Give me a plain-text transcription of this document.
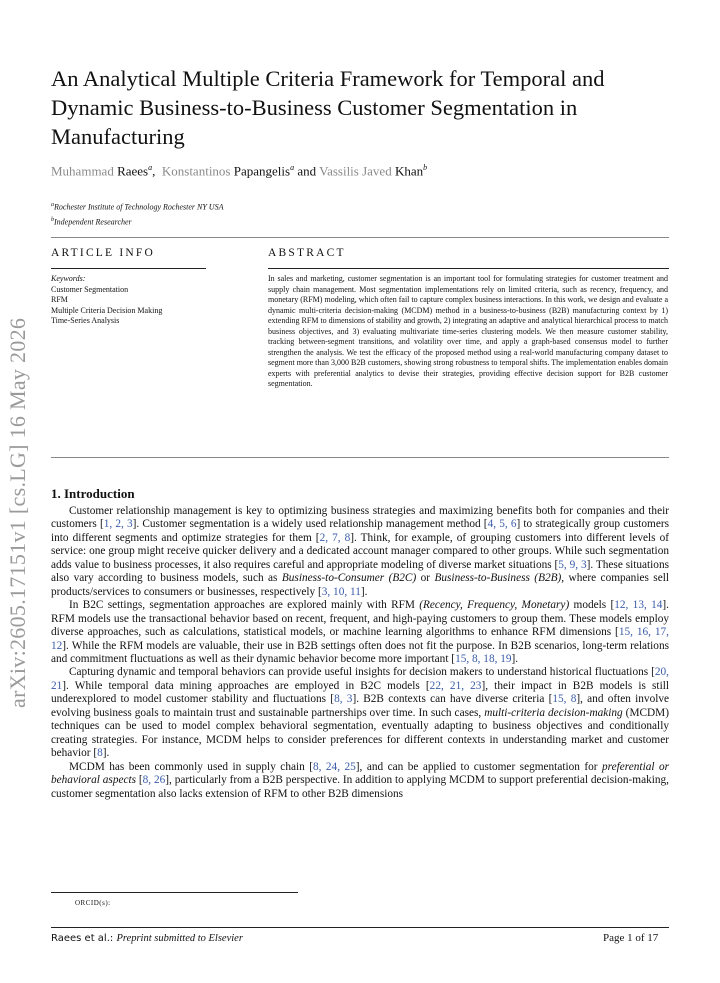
An Analytical Multiple Criteria Framework for Temporal and Dynamic Business-to-Business Customer Segmentation in Manufacturing
Muhammad Raees$^a$, Konstantinos Papangelis$^a$ and Vassilis Javed Khan$^b$
$^a$Rochester Institute of Technology Rochester NY USA
$^b$Independent Researcher
ARTICLE INFO	ABSTRACT
Keywords:
Customer Segmentation
RFM
Multiple Criteria Decision Making
Time-Series Analysis
In sales and marketing, customer segmentation is an important tool for formulating strategies for customer treatment and supply chain management. Most segmentation implementations rely on limited criteria, such as recency, frequency, and monetary (RFM) modeling, which often fail to capture complex business interactions. In this work, we design and evaluate a dynamic multi-criteria decision-making (MCDM) method in a business-to-business (B2B) manufacturing context by 1) extending RFM to dimensions of stability and growth, 2) integrating an adaptive and analytical hierarchical process to match business objectives, and 3) evaluating multivariate time-series clustering models. We then measure customer stability, tracking between-segment transitions, and volatility over time, and apply a graph-based consensus model to further strengthen the analysis. We test the efficacy of the proposed method using a real-world manufacturing company dataset to segment more than 3,000 B2B customers, showing strong robustness to temporal shifts. The implementation enables domain experts with preferential analytics to devise their strategies, providing effective decision support for B2B customer segmentation.
arXiv:2605.17151v1 [cs.LG] 16 May 2026 1. Introduction

Customer relationship management is key to optimizing business strategies and maximizing benefits both for companies and their customers [1, 2, 3]. Customer segmentation is a widely used relationship management method [4, 5, 6] to strategically group customers into different segments and optimize strategies for them [2, 7, 8]. Think, for example, of grouping customers into different levels of service: one group might receive quicker delivery and a dedicated account manager compared to other groups. While such segmentation adds value to business processes, it also requires careful and appropriate modeling of diverse market situations [5, 9, 3]. These situations also vary according to business models, such as Business-to-Consumer (B2C) or Business-to-Business (B2B), where companies sell products/services to consumers or businesses, respectively [3, 10, 11].

In B2C settings, segmentation approaches are explored mainly with RFM (Recency, Frequency, Monetary) models [12, 13, 14]. RFM models use the transactional behavior based on recent, frequent, and high-paying customers to group them. These models employ diverse approaches, such as calculations, statistical models, or machine learning algorithms to enhance RFM dimensions [15, 16, 17, 12]. While the RFM models are valuable, their use in B2B settings often does not fit the purpose. In B2B scenarios, long-term relations and commitment fluctuations as well as their dynamic behavior become more important [15, 8, 18, 19].

Capturing dynamic and temporal behaviors can provide useful insights for decision makers to understand historical fluctuations [20, 21]. While temporal data mining approaches are employed in B2C models [22, 21, 23], their impact in B2B models is still underexplored to model customer stability and fluctuations [8, 3]. B2B contexts can have diverse criteria [15, 8], and often involve evolving business goals to maintain trust and sustainable partnerships over time. In such cases, multi-criteria decision-making (MCDM) techniques can be used to model complex behavioral segmentation, eventually adapting to business objectives and conditionally creating strategies. For instance, MCDM helps to consider preferences for different contexts in understanding market and customer behavior [8].

MCDM has been commonly used in supply chain [8, 24, 25], and can be applied to customer segmentation for preferential or behavioral aspects [8, 26], particularly from a B2B perspective. In addition to applying MCDM to support preferential decision-making, customer segmentation also lacks extension of RFM to other B2B dimensions

ORCID(s):
Raees et al.: Preprint submitted to Elsevier	Page 1 of 17
